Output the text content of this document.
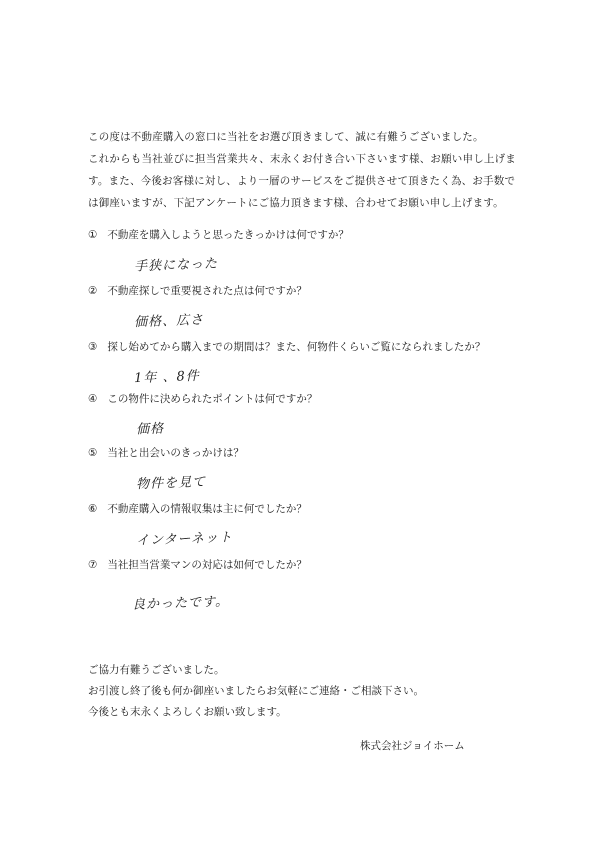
この度は不動産購入の窓口に当社をお選び頂きまして、誠に有難うございました。
これからも当社並びに担当営業共々、末永くお付き合い下さいます様、お願い申し上げま
す。また、今後お客様に対し、より一層のサービスをご提供させて頂きたく為、お手数で
は御座いますが、下記アンケートにご協力頂きます様、合わせてお願い申し上げます。
① 不動産を購入しようと思ったきっかけは何ですか？
手狭になった
② 不動産探しで重要視された点は何ですか？
価格、広さ
③ 探し始めてから購入までの期間は？また、何物件くらいご覧になられましたか？
1年 、8件
④ この物件に決められたポイントは何ですか？
価格
⑤ 当社と出会いのきっかけは？
物件を見て
⑥ 不動産購入の情報収集は主に何でしたか？
インターネット
⑦ 当社担当営業マンの対応は如何でしたか？
良かったです。
ご協力有難うございました。
お引渡し終了後も何か御座いましたらお気軽にご連絡・ご相談下さい。
今後とも末永くよろしくお願い致します。
株式会社ジョイホーム
